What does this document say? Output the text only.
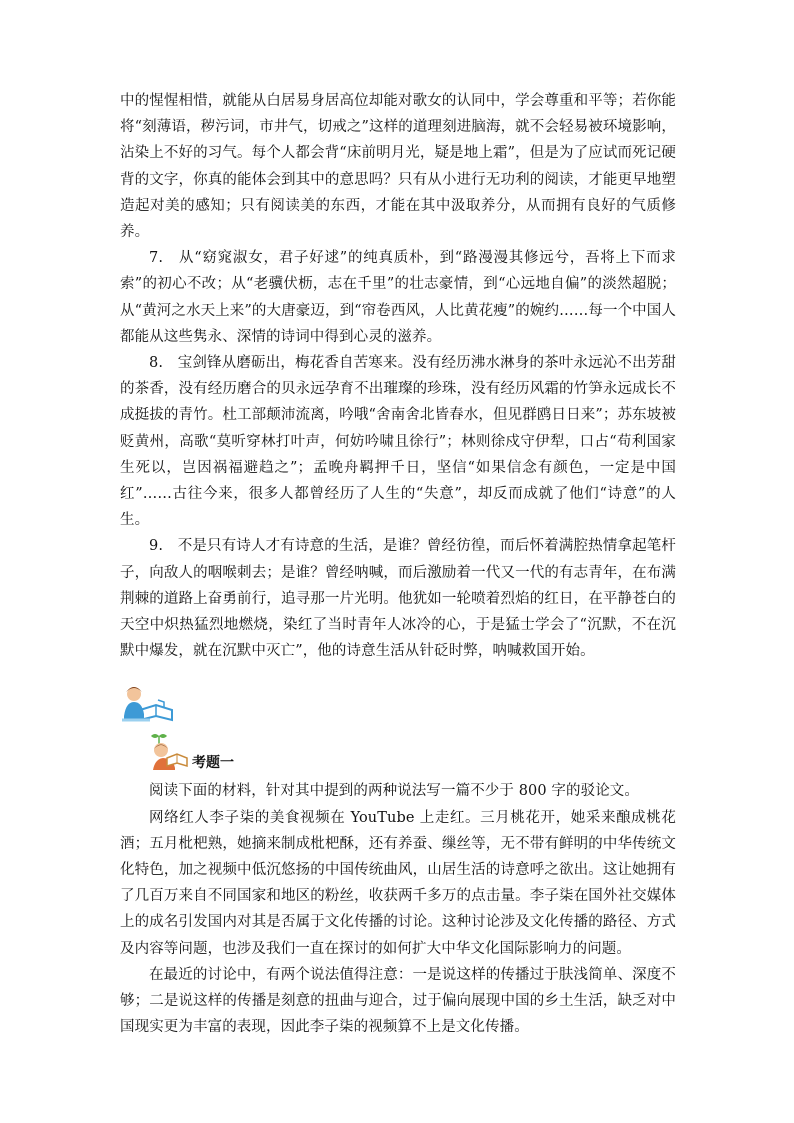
中的惺惺相惜，就能从白居易身居高位却能对歌女的认同中，学会尊重和平等；若你能将“刻薄语，秽污词，市井气，切戒之”这样的道理刻进脑海，就不会轻易被环境影响，沾染上不好的习气。每个人都会背“床前明月光，疑是地上霜”，但是为了应试而死记硬背的文字，你真的能体会到其中的意思吗？只有从小进行无功利的阅读，才能更早地塑造起对美的感知；只有阅读美的东西，才能在其中汲取养分，从而拥有良好的气质修养。

7.　从“窈窕淑女，君子好逑”的纯真质朴，到“路漫漫其修远兮，吾将上下而求索”的初心不改；从“老骥伏枥，志在千里”的壮志豪情，到“心远地自偏”的淡然超脱；从“黄河之水天上来”的大唐豪迈，到“帘卷西风，人比黄花瘦”的婉约……每一个中国人都能从这些隽永、深情的诗词中得到心灵的滋养。

8.　宝剑锋从磨砺出，梅花香自苦寒来。没有经历沸水淋身的茶叶永远沁不出芳甜的茶香，没有经历磨合的贝永远孕育不出璀璨的珍珠，没有经历风霜的竹笋永远成长不成挺拔的青竹。杜工部颠沛流离，吟哦“舍南舍北皆春水，但见群鸥日日来”；苏东坡被贬黄州，高歌“莫听穿林打叶声，何妨吟啸且徐行”；林则徐戍守伊犁，口占“苟利国家生死以，岂因祸福避趋之”；孟晚舟羁押千日，坚信“如果信念有颜色，一定是中国红”……古往今来，很多人都曾经历了人生的“失意”，却反而成就了他们“诗意”的人生。

9.　不是只有诗人才有诗意的生活，是谁？曾经彷徨，而后怀着满腔热情拿起笔杆子，向敌人的咽喉刺去；是谁？曾经呐喊，而后激励着一代又一代的有志青年，在布满荆棘的道路上奋勇前行，追寻那一片光明。他犹如一轮喷着烈焰的红日，在平静苍白的天空中炽热猛烈地燃烧，染红了当时青年人冰冷的心，于是猛士学会了“沉默，不在沉默中爆发，就在沉默中灭亡”，他的诗意生活从针砭时弊，呐喊救国开始。

考题一

阅读下面的材料，针对其中提到的两种说法写一篇不少于 800 字的驳论文。

网络红人李子柒的美食视频在 YouTube 上走红。三月桃花开，她采来酿成桃花酒；五月枇杷熟，她摘来制成枇杷酥，还有养蚕、缫丝等，无不带有鲜明的中华传统文化特色，加之视频中低沉悠扬的中国传统曲风，山居生活的诗意呼之欲出。这让她拥有了几百万来自不同国家和地区的粉丝，收获两千多万的点击量。李子柒在国外社交媒体上的成名引发国内对其是否属于文化传播的讨论。这种讨论涉及文化传播的路径、方式及内容等问题，也涉及我们一直在探讨的如何扩大中华文化国际影响力的问题。

在最近的讨论中，有两个说法值得注意：一是说这样的传播过于肤浅简单、深度不够；二是说这样的传播是刻意的扭曲与迎合，过于偏向展现中国的乡土生活，缺乏对中国现实更为丰富的表现，因此李子柒的视频算不上是文化传播。
